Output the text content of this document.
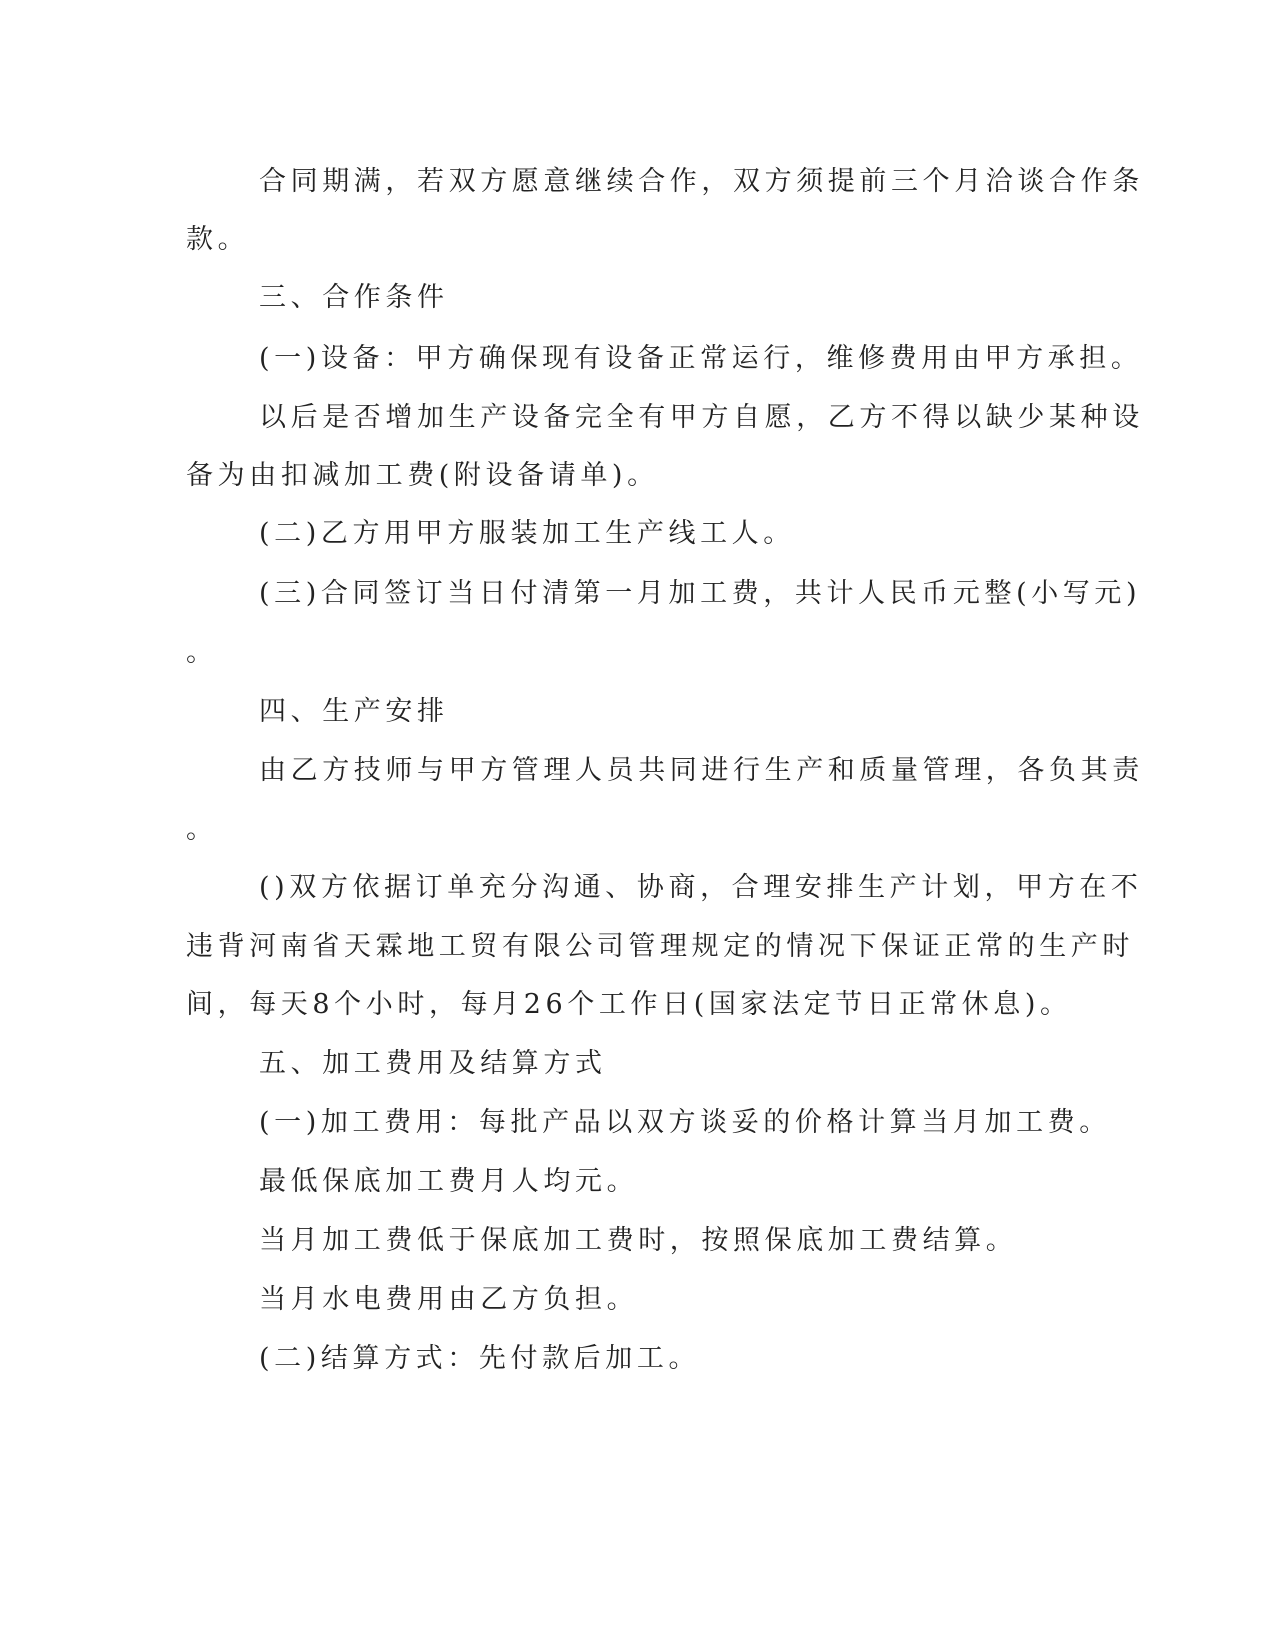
合同期满，若双方愿意继续合作，双方须提前三个月洽谈合作条

款。

三、合作条件

(一)设备：甲方确保现有设备正常运行，维修费用由甲方承担。

以后是否增加生产设备完全有甲方自愿，乙方不得以缺少某种设

备为由扣减加工费(附设备请单)。

(二)乙方用甲方服装加工生产线工人。

(三)合同签订当日付清第一月加工费，共计人民币元整(小写元)

。

四、生产安排

由乙方技师与甲方管理人员共同进行生产和质量管理，各负其责

。

()双方依据订单充分沟通、协商，合理安排生产计划，甲方在不

违背河南省天霖地工贸有限公司管理规定的情况下保证正常的生产时

间，每天8个小时，每月26个工作日(国家法定节日正常休息)。

五、加工费用及结算方式

(一)加工费用：每批产品以双方谈妥的价格计算当月加工费。

最低保底加工费月人均元。

当月加工费低于保底加工费时，按照保底加工费结算。

当月水电费用由乙方负担。

(二)结算方式：先付款后加工。
